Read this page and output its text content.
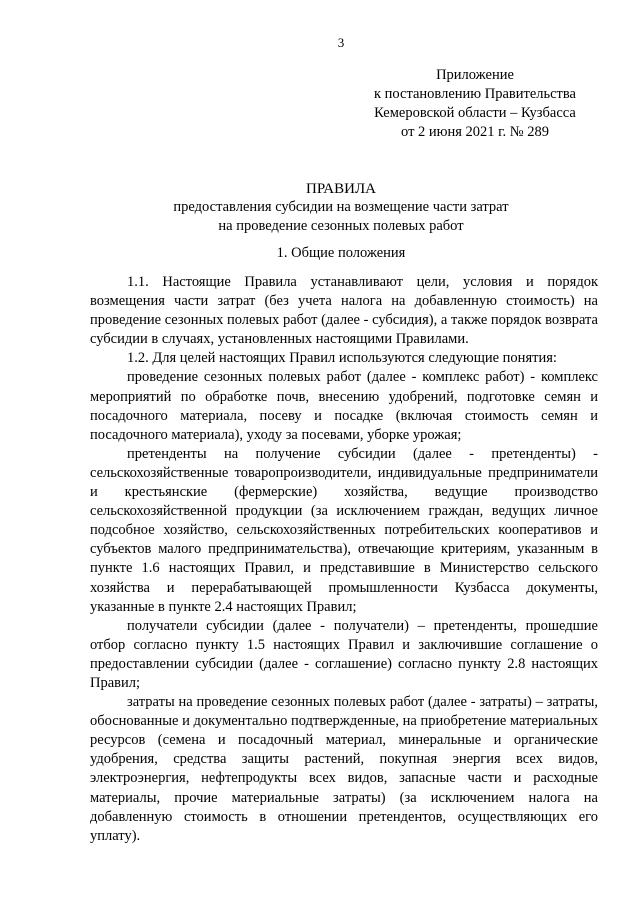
3
Приложение
к постановлению Правительства
Кемеровской области – Кузбасса
от 2 июня 2021 г. № 289
ПРАВИЛА
предоставления субсидии на возмещение части затрат
на проведение сезонных полевых работ
1. Общие положения

1.1. Настоящие Правила устанавливают цели, условия и порядок возмещения части затрат (без учета налога на добавленную стоимость) на проведение сезонных полевых работ (далее - субсидия), а также порядок возврата субсидии в случаях, установленных настоящими Правилами.

1.2. Для целей настоящих Правил используются следующие понятия:

проведение сезонных полевых работ (далее - комплекс работ) - комплекс мероприятий по обработке почв, внесению удобрений, подготовке семян и посадочного материала, посеву и посадке (включая стоимость семян и посадочного материала), уходу за посевами, уборке урожая;

претенденты на получение субсидии (далее - претенденты) - сельскохозяйственные товаропроизводители, индивидуальные предприниматели и крестьянские (фермерские) хозяйства, ведущие производство сельскохозяйственной продукции (за исключением граждан, ведущих личное подсобное хозяйство, сельскохозяйственных потребительских кооперативов и субъектов малого предпринимательства), отвечающие критериям, указанным в пункте 1.6 настоящих Правил, и представившие в Министерство сельского хозяйства и перерабатывающей промышленности Кузбасса документы, указанные в пункте 2.4 настоящих Правил;

получатели субсидии (далее - получатели) – претенденты, прошедшие отбор согласно пункту 1.5 настоящих Правил и заключившие соглашение о предоставлении субсидии (далее - соглашение) согласно пункту 2.8 настоящих Правил;

затраты на проведение сезонных полевых работ (далее - затраты) – затраты, обоснованные и документально подтвержденные, на приобретение материальных ресурсов (семена и посадочный материал, минеральные и органические удобрения, средства защиты растений, покупная энергия всех видов, электроэнергия, нефтепродукты всех видов, запасные части и расходные материалы, прочие материальные затраты) (за исключением налога на добавленную стоимость в отношении претендентов, осуществляющих его уплату).
